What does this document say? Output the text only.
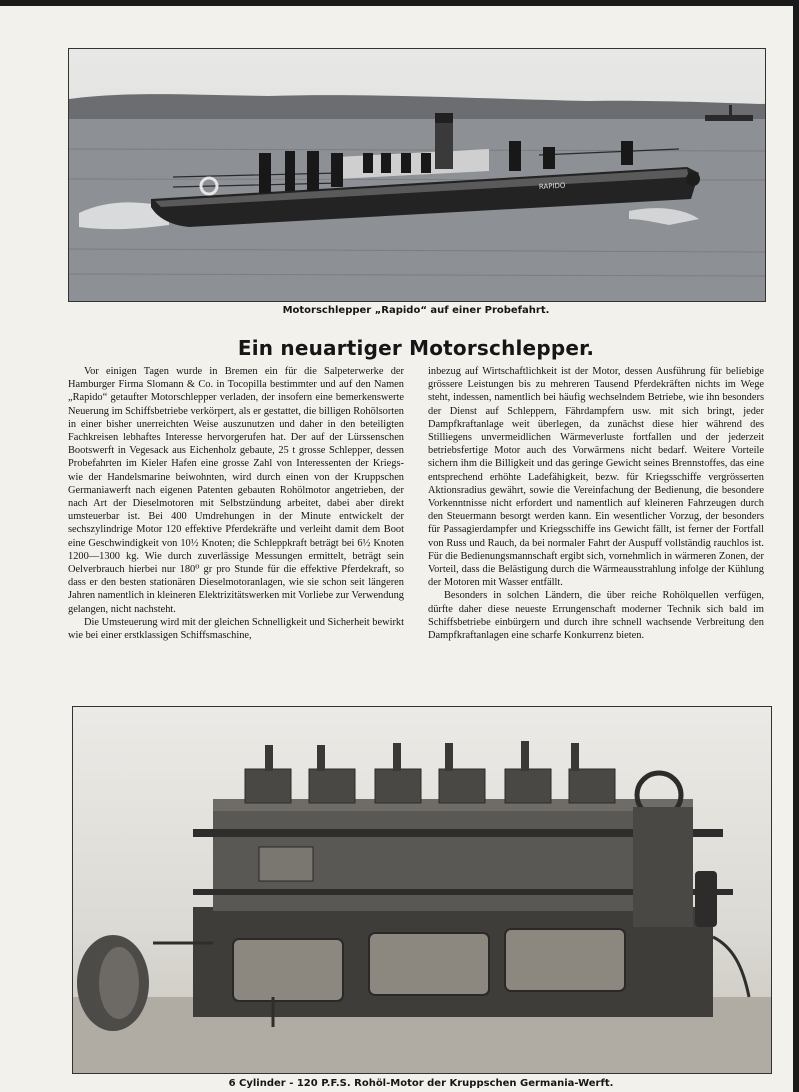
RAPIDO
Motorschlepper „Rapido“ auf einer Probefahrt.
Ein neuartiger Motorschlepper.

Vor einigen Tagen wurde in Bremen ein für die Salpeterwerke der Hamburger Firma Slomann & Co. in Tocopilla bestimmter und auf den Namen „Rapido“ getaufter Motorschlepper verladen, der insofern eine bemerkenswerte Neuerung im Schiffsbetriebe verkörpert, als er gestattet, die billigen Rohölsorten in einer bisher unerreichten Weise auszunutzen und daher in den beteiligten Fachkreisen lebhaftes Interesse hervorgerufen hat. Der auf der Lürssenschen Bootswerft in Vegesack aus Eichenholz gebaute, 25 t grosse Schlepper, dessen Probefahrten im Kieler Hafen eine grosse Zahl von Interessenten der Kriegs- wie der Handelsmarine beiwohnten, wird durch einen von der Kruppschen Germaniawerft nach eigenen Patenten gebauten Rohölmotor angetrieben, der nach Art der Dieselmotoren mit Selbstzündung arbeitet, dabei aber direkt umsteuerbar ist. Bei 400 Umdrehungen in der Minute entwickelt der sechszylindrige Motor 120 effektive Pferdekräfte und verleiht damit dem Boot eine Geschwindigkeit von 10½ Knoten; die Schleppkraft beträgt bei 6½ Knoten 1200—1300 kg. Wie durch zuverlässige Messungen ermittelt, beträgt sein Oelverbrauch hierbei nur 180⁰ gr pro Stunde für die effektive Pferdekraft, so dass er den besten stationären Dieselmotoranlagen, wie sie schon seit längeren Jahren namentlich in kleineren Elektrizitätswerken mit Vorliebe zur Verwendung gelangen, nicht nachsteht.

Die Umsteuerung wird mit der gleichen Schnelligkeit und Sicherheit bewirkt wie bei einer erstklassigen Schiffsmaschine,

inbezug auf Wirtschaftlichkeit ist der Motor, dessen Ausführung für beliebige grössere Leistungen bis zu mehreren Tausend Pferdekräften nichts im Wege steht, indessen, namentlich bei häufig wechselndem Betriebe, wie ihn besonders der Dienst auf Schleppern, Fährdampfern usw. mit sich bringt, jeder Dampfkraftanlage weit überlegen, da zunächst diese hier während des Stilliegens unvermeidlichen Wärmeverluste fortfallen und der jederzeit betriebsfertige Motor auch des Vorwärmens nicht bedarf. Weitere Vorteile sichern ihm die Billigkeit und das geringe Gewicht seines Brennstoffes, das eine entsprechend erhöhte Ladefähigkeit, bezw. für Kriegsschiffe vergrösserten Aktionsradius gewährt, sowie die Vereinfachung der Bedienung, die besondere Vorkenntnisse nicht erfordert und namentlich auf kleineren Fahrzeugen durch den Steuermann besorgt werden kann. Ein wesentlicher Vorzug, der besonders für Passagierdampfer und Kriegsschiffe ins Gewicht fällt, ist ferner der Fortfall von Russ und Rauch, da bei normaler Fahrt der Auspuff vollständig rauchlos ist. Für die Bedienungsmannschaft ergibt sich, vornehmlich in wärmeren Zonen, der Vorteil, dass die Belästigung durch die Wärmeausstrahlung infolge der Kühlung der Motoren mit Wasser entfällt.

Besonders in solchen Ländern, die über reiche Rohölquellen verfügen, dürfte daher diese neueste Errungenschaft moderner Technik sich bald im Schiffsbetriebe einbürgern und durch ihre schnell wachsende Verbreitung den Dampfkraftanlagen eine scharfe Konkurrenz bieten.

6 Cylinder - 120 P.F.S. Rohöl-Motor der Kruppschen Germania-Werft.
